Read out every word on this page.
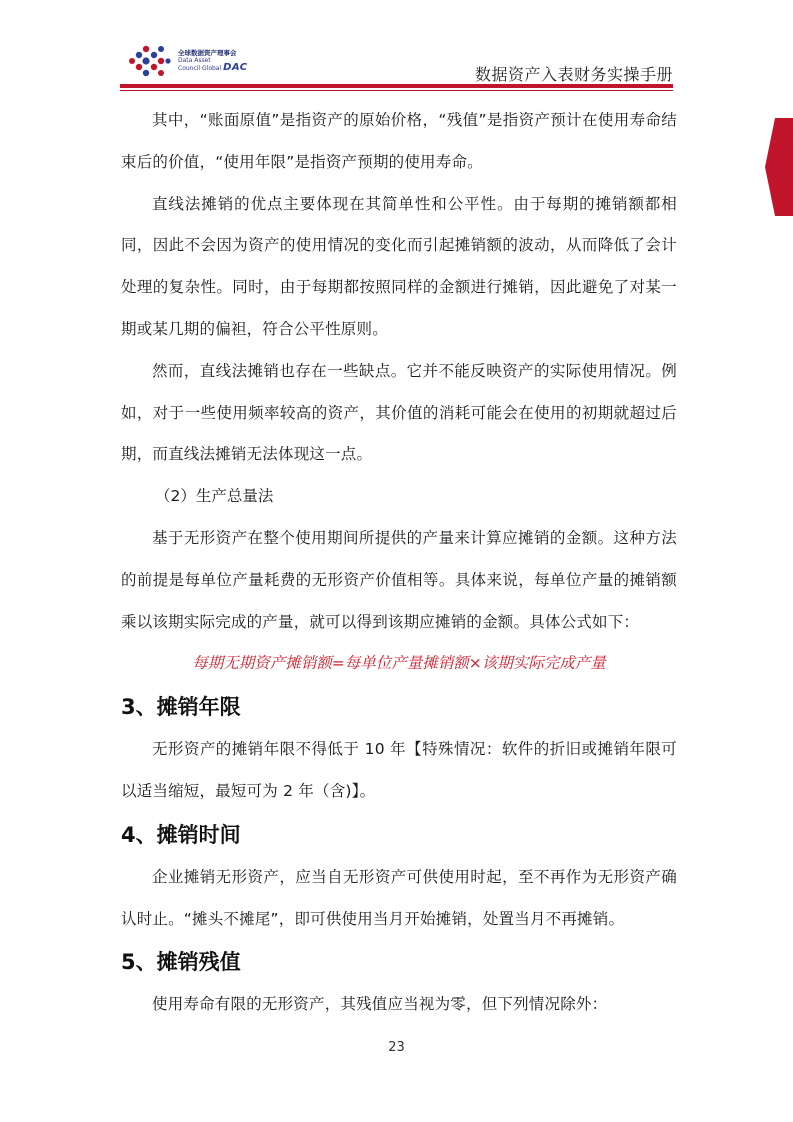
全球数据资产理事会
Data Asset
Council Global DAC	数据资产入表财务实操手册

其中，“账面原值”是指资产的原始价格，“残值”是指资产预计在使用寿命结束后的价值，“使用年限”是指资产预期的使用寿命。

直线法摊销的优点主要体现在其简单性和公平性。由于每期的摊销额都相同，因此不会因为资产的使用情况的变化而引起摊销额的波动，从而降低了会计处理的复杂性。同时，由于每期都按照同样的金额进行摊销，因此避免了对某一期或某几期的偏袒，符合公平性原则。

然而，直线法摊销也存在一些缺点。它并不能反映资产的实际使用情况。例如，对于一些使用频率较高的资产，其价值的消耗可能会在使用的初期就超过后期，而直线法摊销无法体现这一点。

（2）生产总量法

基于无形资产在整个使用期间所提供的产量来计算应摊销的金额。这种方法的前提是每单位产量耗费的无形资产价值相等。具体来说，每单位产量的摊销额乘以该期实际完成的产量，就可以得到该期应摊销的金额。具体公式如下：

每期无期资产摊销额=每单位产量摊销额×该期实际完成产量

3、摊销年限

无形资产的摊销年限不得低于 10 年【特殊情况：软件的折旧或摊销年限可以适当缩短，最短可为 2 年（含)】。

4、摊销时间

企业摊销无形资产，应当自无形资产可供使用时起，至不再作为无形资产确认时止。“摊头不摊尾”，即可供使用当月开始摊销，处置当月不再摊销。

5、摊销残值

使用寿命有限的无形资产，其残值应当视为零，但下列情况除外：

23
